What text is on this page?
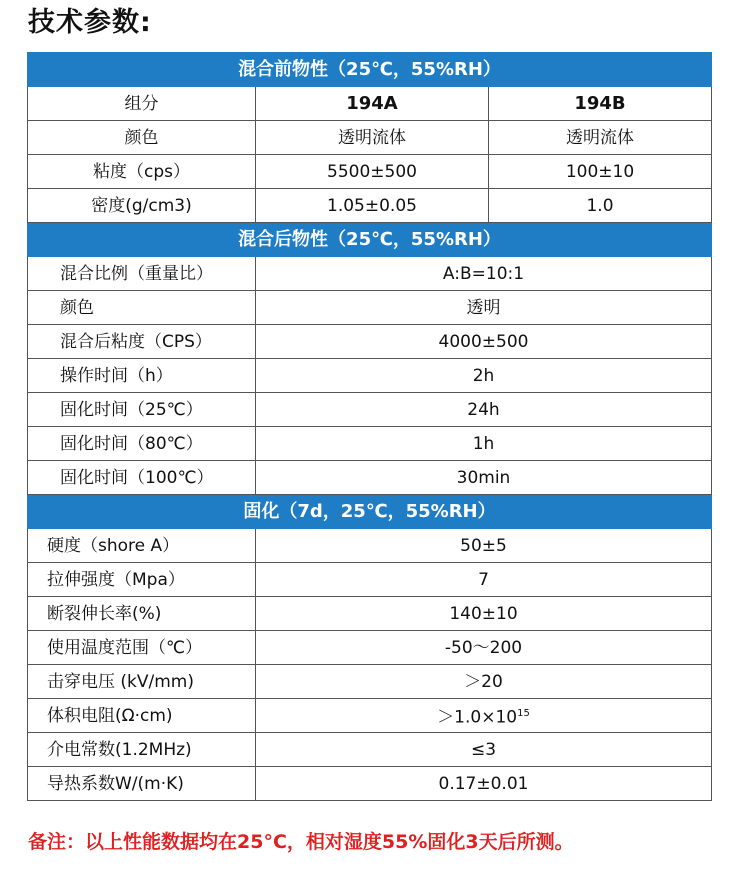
技术参数:
混合前物性（25℃，55%RH）		
组分	194A	194B
颜色	透明流体	透明流体
粘度（cps）	5500±500	100±10
密度(g/cm3)	1.05±0.05	1.0
混合后物性（25℃，55%RH）		
混合比例（重量比）	A:B=10:1	
颜色	透明	
混合后粘度（CPS）	4000±500	
操作时间（h）	2h	
固化时间（25℃）	24h	
固化时间（80℃）	1h	
固化时间（100℃）	30min	
固化（7d，25℃，55%RH）		
硬度（shore A）	50±5	
拉伸强度（Mpa）	7	
断裂伸长率(%)	140±10	
使用温度范围（℃）	-50～200	
击穿电压 (kV/mm)	＞20	
体积电阻(Ω·cm)	$>1.0\times 10^{15}$
介电常数(1.2MHz)	≤3	
导热系数W/(m·K)	0.17±0.01	
备注：以上性能数据均在25°C，相对湿度55%固化3天后所测。
